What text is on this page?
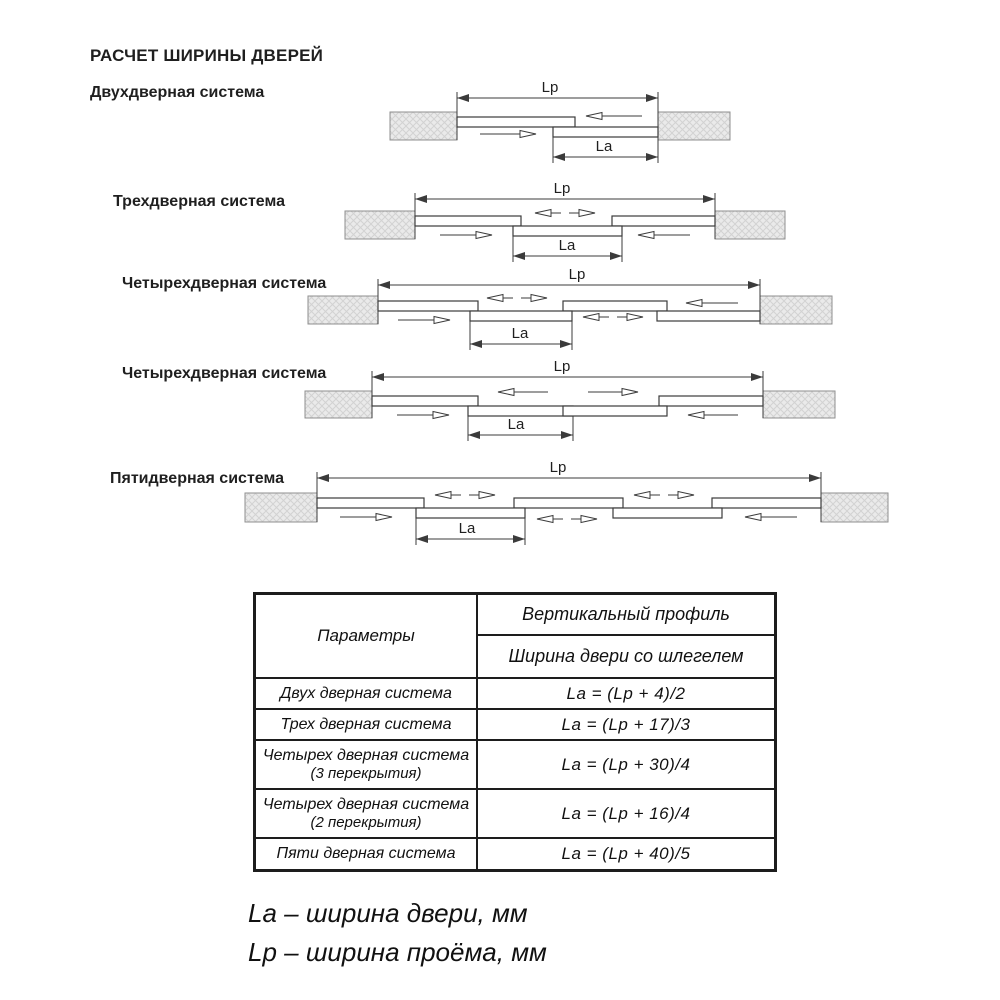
РАСЧЕТ ШИРИНЫ ДВЕРЕЙ
Двухдверная система
Трехдверная система
Четырехдверная система
Четырехдверная система
Пятидверная система
Lp
La
Lp
La
Lp
La
Lp
La
Lp
La
Параметры
Вертикальный профиль
Ширина двери со шлегелем
Двух дверная система	La = (Lp + 4)/2
Трех дверная система	La = (Lp + 17)/3
Четырех дверная система
(3 перекрытия)
La = (Lp + 30)/4
Четырех дверная система
(2 перекрытия)
La = (Lp + 16)/4
Пяти дверная система	La = (Lp + 40)/5
La – ширина двери, мм
Lp – ширина проёма, мм
